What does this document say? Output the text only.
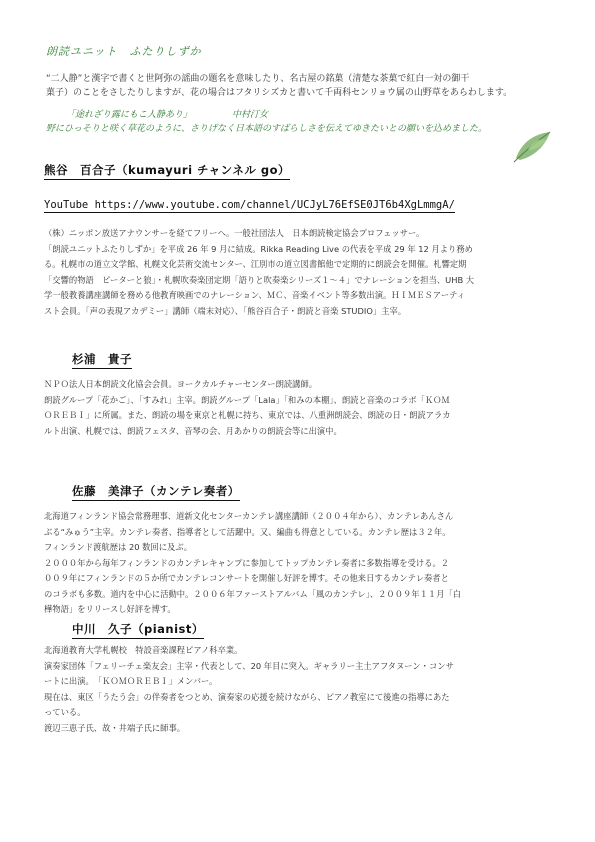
朗読ユニット　ふたりしずか
“二人静”と漢字で書くと世阿弥の謡曲の題名を意味したり、名古屋の銘菓（清楚な茶菓で紅白一対の御干
菓子）のことをさしたりしますが、花の場合はフタリシズカと書いて千両科センリョウ属の山野草をあらわします。
「途れざり露にもこ人静あり」	中村汀女
野にひっそりと咲く草花のように、さりげなく日本語のすばらしさを伝えてゆきたいとの願いを込めました。
熊谷　百合子（kumayuri チャンネル go）
YouTube https://www.youtube.com/channel/UCJyL76EfSE0JT6b4XgLmmgA/

（株）ニッポン放送アナウンサーを経てフリーへ。一般社団法人　日本朗読検定協会プロフェッサー。

「朗読ユニットふたりしずか」を平成 26 年 9 月に結成。Rikka Reading Live の代表を平成 29 年 12 月より務め

る。札幌市の道立文学館、札幌文化芸術交流センター、江別市の道立図書館他で定期的に朗読会を開催。札響定期

「交響的物語　ピーターと狼」・札幌吹奏楽団定期「語りと吹奏楽シリーズ１～４」でナレーションを担当、UHB 大

学一般教養講座講師を務める他教育映画でのナレーション、ＭＣ、音楽イベント等多数出演。ＨＩＭＥＳアーティ

スト会員。「声の表現アカデミー」講師（端末対応）、「熊谷百合子・朗読と音楽 STUDIO」主宰。

杉浦　貴子

ＮＰＯ法人日本朗読文化協会会員。ヨークカルチャーセンター朗読講師。

朗読グループ「花かご」、「すみれ」主宰。朗読グループ「Lala」「和みの本棚」、朗読と音楽のコラボ「ＫＯＭ

ＯＲＥＢＩ」に所属。また、朗読の場を東京と札幌に持ち、東京では、八重洲朗読会、朗読の日・朗読アラカ

ルト出演、札幌では、朗読フェスタ、音琴の会、月あかりの朗読会等に出演中。

佐藤　美津子（カンテレ奏者）

北海道フィンランド協会常務理事、道新文化センターカンテレ講座講師（２００４年から）、カンテレあんさん

ぶる“みゅう”主宰。カンテレ奏者、指導者として活躍中。又、編曲も得意としている。カンテレ歴は３２年。

フィンランド渡航歴は 20 数回に及ぶ。

２０００年から毎年フィンランドのカンテレキャンプに参加してトップカンテレ奏者に多数指導を受ける。２

００９年にフィンランドの５か所でカンテレコンサートを開催し好評を博す。その他来日するカンテレ奏者と

のコラボも多数。道内を中心に活動中。２００６年ファーストアルバム「風のカンテレ」、２００９年１１月「白

樺物語」をリリースし好評を博す。

中川　久子（pianist）

北海道教育大学札幌校　特設音楽課程ピアノ科卒業。

演奏家団体「フェリーチェ楽友会」主宰・代表として、20 年目に突入。ギャラリー主土アフタヌーン・コンサ

ートに出演。　「ＫＯＭＯＲＥＢＩ」メンバー。

現在は、東区「うたう会」の伴奏者をつとめ、演奏家の応援を続けながら、ピアノ教室にて後進の指導にあた

っている。

渡辺三恵子氏、故・井端子氏に師事。
